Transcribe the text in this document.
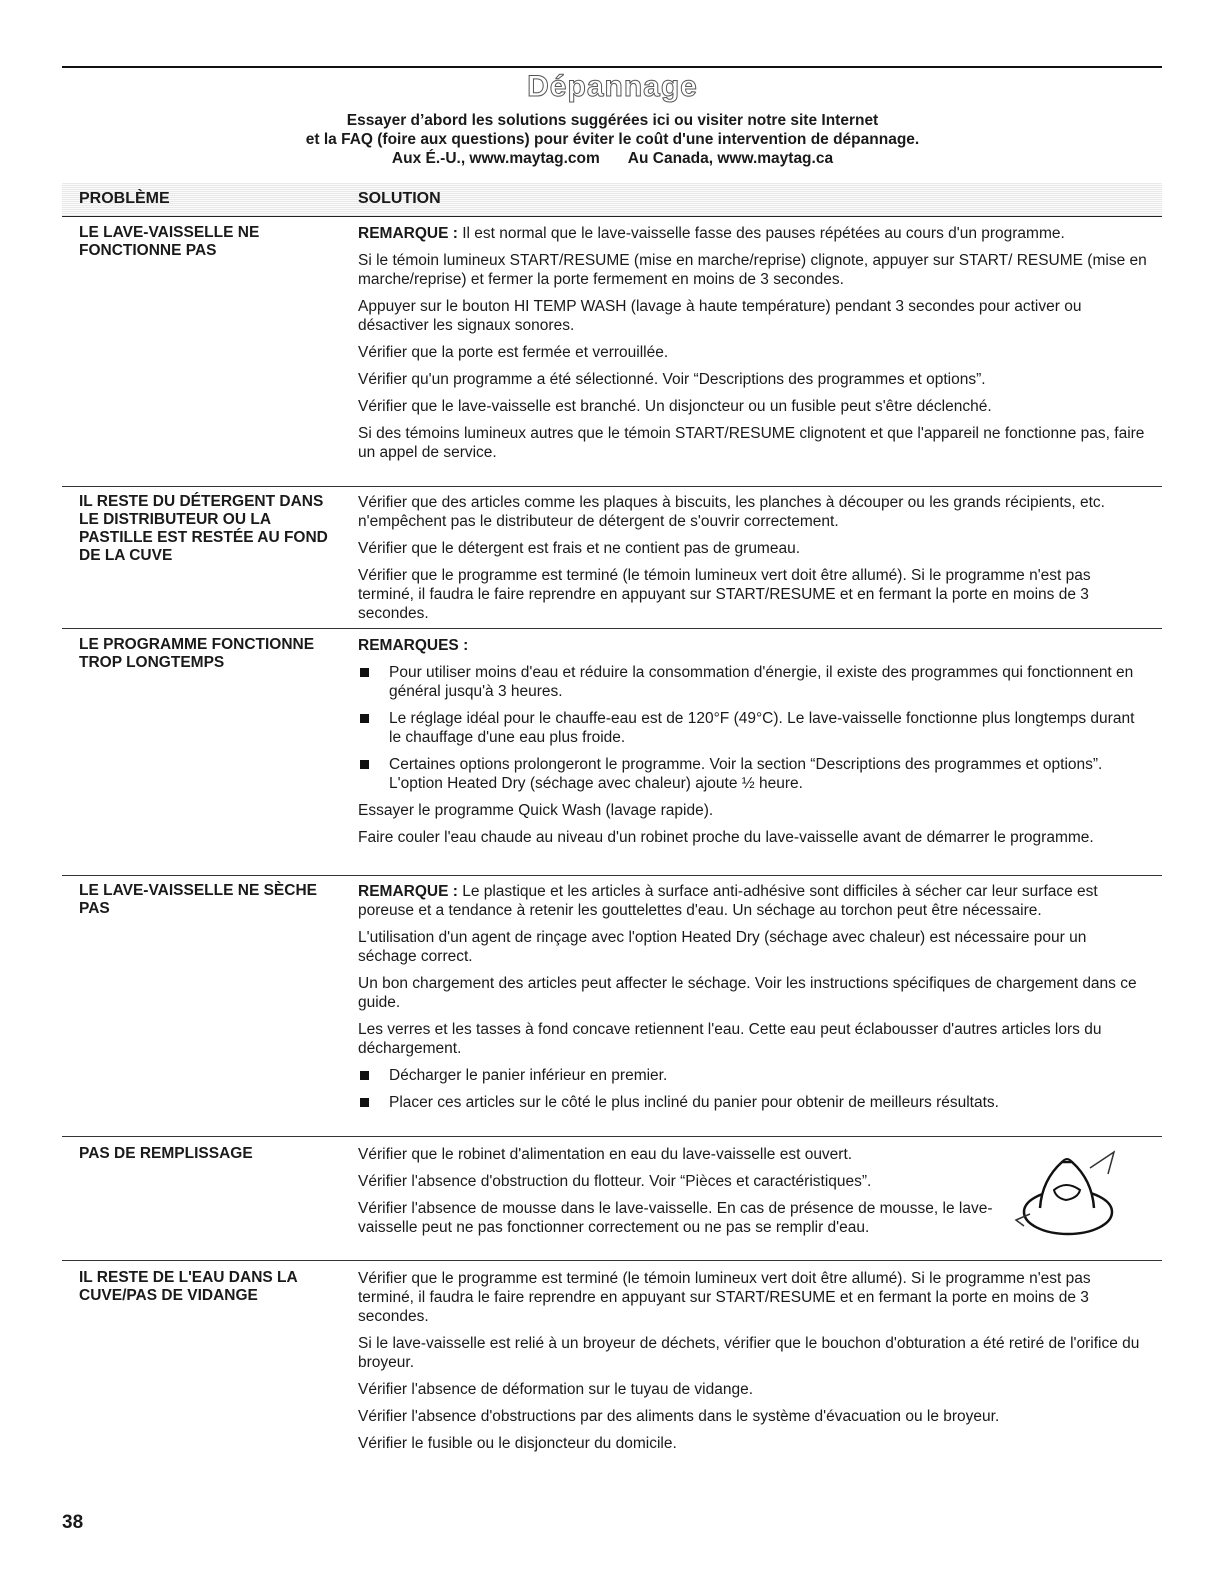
Dépannage
Essayer d’abord les solutions suggérées ici ou visiter notre site Internet
et la FAQ (foire aux questions) pour éviter le coût d'une intervention de dépannage.
Aux É.-U., www.maytag.com Au Canada, www.maytag.ca
PROBLÈME	SOLUTION
LE LAVE-VAISSELLE NE FONCTIONNE PAS

REMARQUE : Il est normal que le lave-vaisselle fasse des pauses répétées au cours d'un programme.

Si le témoin lumineux START/RESUME (mise en marche/reprise) clignote, appuyer sur START/ RESUME (mise en marche/reprise) et fermer la porte fermement en moins de 3 secondes.

Appuyer sur le bouton HI TEMP WASH (lavage à haute température) pendant 3 secondes pour activer ou désactiver les signaux sonores.

Vérifier que la porte est fermée et verrouillée.

Vérifier qu'un programme a été sélectionné. Voir “Descriptions des programmes et options”.

Vérifier que le lave-vaisselle est branché. Un disjoncteur ou un fusible peut s'être déclenché.

Si des témoins lumineux autres que le témoin START/RESUME clignotent et que l'appareil ne fonctionne pas, faire un appel de service.

IL RESTE DU DÉTERGENT DANS LE DISTRIBUTEUR OU LA PASTILLE EST RESTÉE AU FOND DE LA CUVE

Vérifier que des articles comme les plaques à biscuits, les planches à découper ou les grands récipients, etc. n'empêchent pas le distributeur de détergent de s'ouvrir correctement.

Vérifier que le détergent est frais et ne contient pas de grumeau.

Vérifier que le programme est terminé (le témoin lumineux vert doit être allumé). Si le programme n'est pas terminé, il faudra le faire reprendre en appuyant sur START/RESUME et en fermant la porte en moins de 3 secondes.

LE PROGRAMME FONCTIONNE TROP LONGTEMPS

REMARQUES :

Pour utiliser moins d'eau et réduire la consommation d'énergie, il existe des programmes qui fonctionnent en général jusqu'à 3 heures.
Le réglage idéal pour le chauffe-eau est de 120°F (49°C). Le lave-vaisselle fonctionne plus longtemps durant le chauffage d'une eau plus froide.
Certaines options prolongeront le programme. Voir la section “Descriptions des programmes et options”. L'option Heated Dry (séchage avec chaleur) ajoute ½ heure.

Essayer le programme Quick Wash (lavage rapide).

Faire couler l'eau chaude au niveau d'un robinet proche du lave-vaisselle avant de démarrer le programme.

LE LAVE-VAISSELLE NE SÈCHE PAS

REMARQUE : Le plastique et les articles à surface anti-adhésive sont difficiles à sécher car leur surface est poreuse et a tendance à retenir les gouttelettes d'eau. Un séchage au torchon peut être nécessaire.

L'utilisation d'un agent de rinçage avec l'option Heated Dry (séchage avec chaleur) est nécessaire pour un séchage correct.

Un bon chargement des articles peut affecter le séchage. Voir les instructions spécifiques de chargement dans ce guide.

Les verres et les tasses à fond concave retiennent l'eau. Cette eau peut éclabousser d'autres articles lors du déchargement.

Décharger le panier inférieur en premier.
Placer ces articles sur le côté le plus incliné du panier pour obtenir de meilleurs résultats.
PAS DE REMPLISSAGE	Vérifier que le robinet d'alimentation en eau du lave-vaisselle est ouvert.

Vérifier l'absence d'obstruction du flotteur. Voir “Pièces et caractéristiques”.

Vérifier l'absence de mousse dans le lave-vaisselle. En cas de présence de mousse, le lave-vaisselle peut ne pas fonctionner correctement ou ne pas se remplir d'eau.

IL RESTE DE L'EAU DANS LA CUVE/PAS DE VIDANGE

Vérifier que le programme est terminé (le témoin lumineux vert doit être allumé). Si le programme n'est pas terminé, il faudra le faire reprendre en appuyant sur START/RESUME et en fermant la porte en moins de 3 secondes.

Si le lave-vaisselle est relié à un broyeur de déchets, vérifier que le bouchon d'obturation a été retiré de l'orifice du broyeur.

Vérifier l'absence de déformation sur le tuyau de vidange.

Vérifier l'absence d'obstructions par des aliments dans le système d'évacuation ou le broyeur.

Vérifier le fusible ou le disjoncteur du domicile.

38
